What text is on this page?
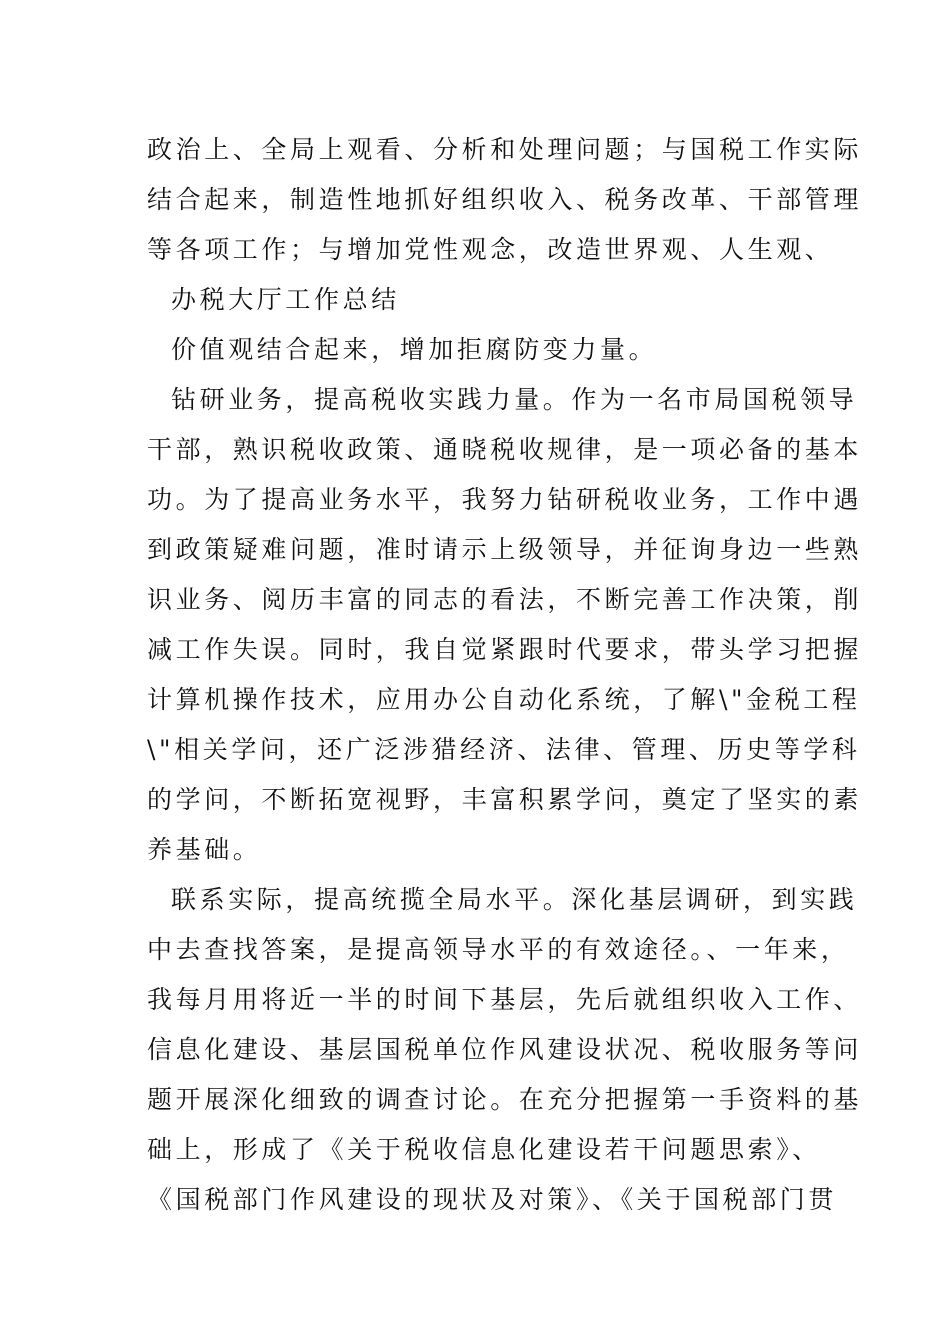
政治上、全局上观看、分析和处理问题；与国税工作实际
结合起来，制造性地抓好组织收入、税务改革、干部管理
等各项工作；与增加党性观念，改造世界观、人生观、
办税大厅工作总结
价值观结合起来，增加拒腐防变力量。
钻研业务，提高税收实践力量。作为一名市局国税领导
干部，熟识税收政策、通晓税收规律，是一项必备的基本
功。为了提高业务水平，我努力钻研税收业务，工作中遇
到政策疑难问题，准时请示上级领导，并征询身边一些熟
识业务、阅历丰富的同志的看法，不断完善工作决策，削
减工作失误。同时，我自觉紧跟时代要求，带头学习把握
计算机操作技术，应用办公自动化系统，了解\"金税工程
\"相关学问，还广泛涉猎经济、法律、管理、历史等学科
的学问，不断拓宽视野，丰富积累学问，奠定了坚实的素
养基础。
联系实际，提高统揽全局水平。深化基层调研，到实践
中去查找答案，是提高领导水平的有效途径。、一年来，
我每月用将近一半的时间下基层，先后就组织收入工作、
信息化建设、基层国税单位作风建设状况、税收服务等问
题开展深化细致的调查讨论。在充分把握第一手资料的基
础上，形成了《关于税收信息化建设若干问题思索》、
《国税部门作风建设的现状及对策》、《关于国税部门贯
